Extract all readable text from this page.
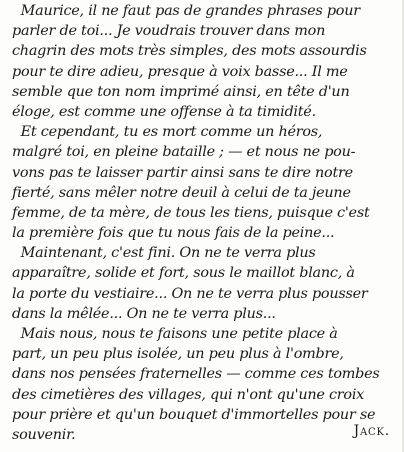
Maurice, il ne faut pas de grandes phrases pour
parler de toi... Je voudrais trouver dans mon
chagrin des mots très simples, des mots assourdis
pour te dire adieu, presque à voix basse... Il me
semble que ton nom imprimé ainsi, en tête d'un
éloge, est comme une offense à ta timidité.
Et cependant, tu es mort comme un héros,
malgré toi, en pleine bataille ; — et nous ne pou-
vons pas te laisser partir ainsi sans te dire notre
fierté, sans mêler notre deuil à celui de ta jeune
femme, de ta mère, de tous les tiens, puisque c'est
la première fois que tu nous fais de la peine...
Maintenant, c'est fini. On ne te verra plus
apparaître, solide et fort, sous le maillot blanc, à
la porte du vestiaire... On ne te verra plus pousser
dans la mêlée... On ne te verra plus...
Mais nous, nous te faisons une petite place à
part, un peu plus isolée, un peu plus à l'ombre,
dans nos pensées fraternelles — comme ces tombes
des cimetières des villages, qui n'ont qu'une croix
pour prière et qu'un bouquet d'immortelles pour se
souvenir.	Jack.
